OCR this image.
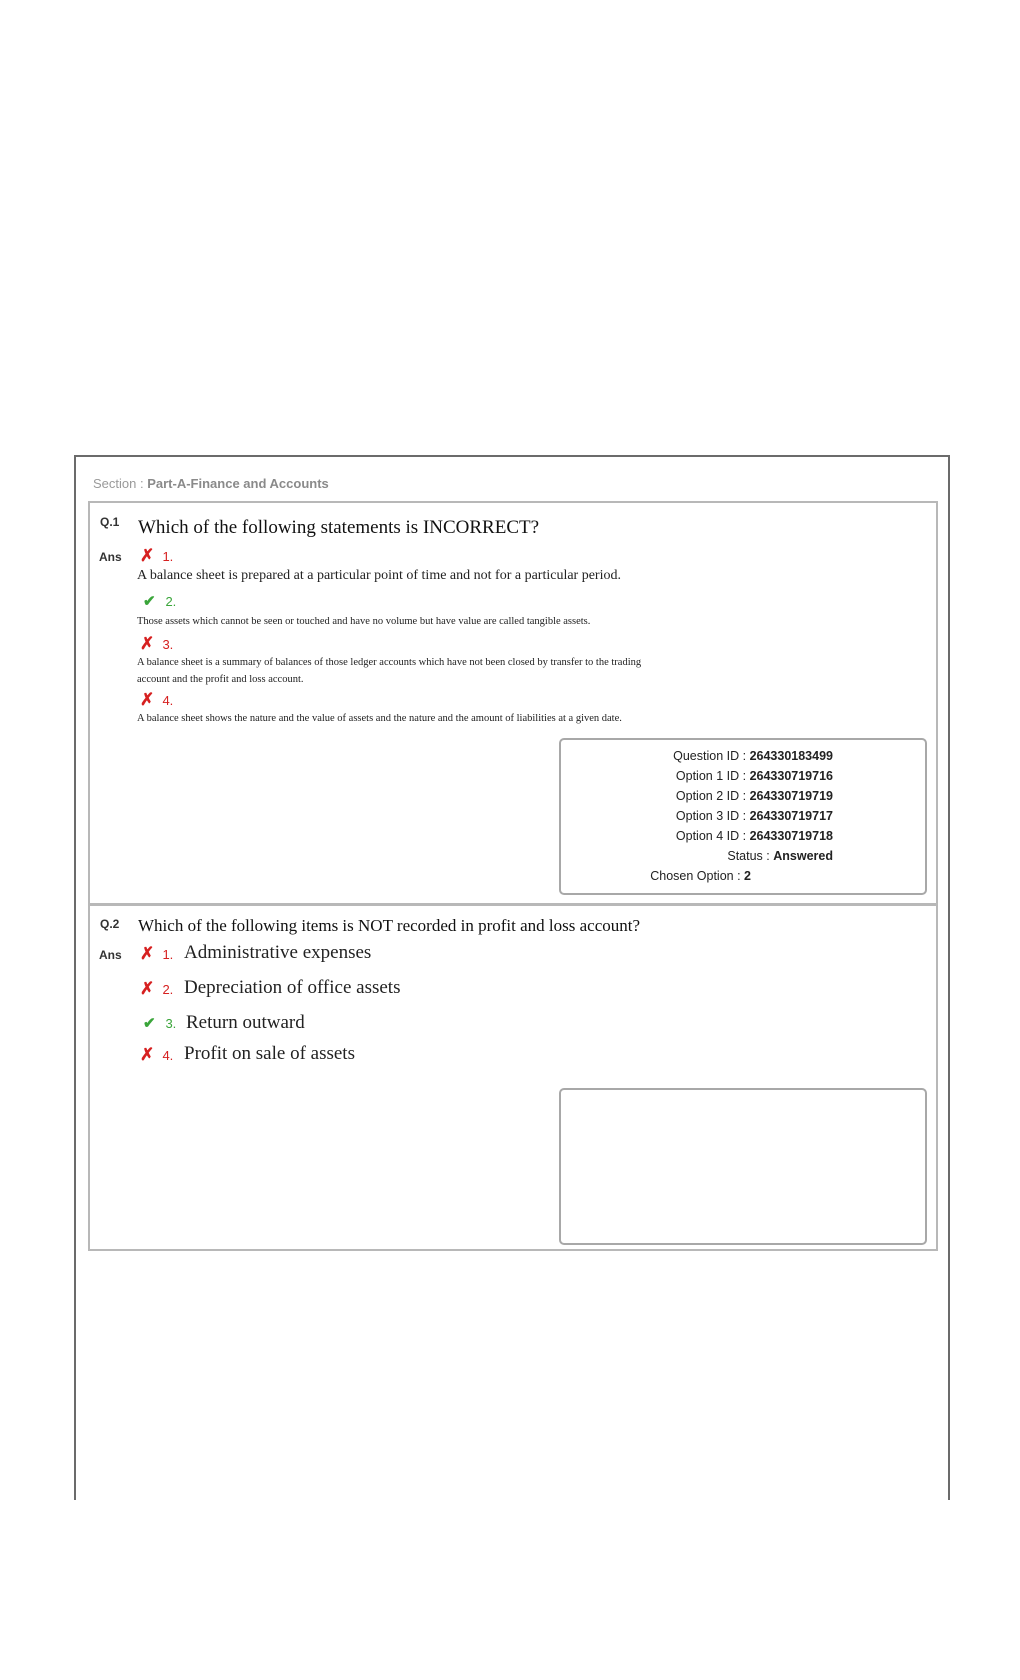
Section : Part-A-Finance and Accounts
Q.1 Which of the following statements is INCORRECT?
Ans ✗ 1.
A balance sheet is prepared at a particular point of time and not for a particular period.
✔ 2.
Those assets which cannot be seen or touched and have no volume but have value are called tangible assets.
✗ 3.
A balance sheet is a summary of balances of those ledger accounts which have not been closed by transfer to the trading
account and the profit and loss account.
✗ 4.
A balance sheet shows the nature and the value of assets and the nature and the amount of liabilities at a given date.
Question ID : 264330183499
Option 1 ID : 264330719716
Option 2 ID : 264330719719
Option 3 ID : 264330719717
Option 4 ID : 264330719718
Status : Answered
Chosen Option : 2
Q.2 Which of the following items is NOT recorded in profit and loss account?
Ans ✗ 1. Administrative expenses
✗ 2. Depreciation of office assets
✔ 3. Return outward
✗ 4. Profit on sale of assets
